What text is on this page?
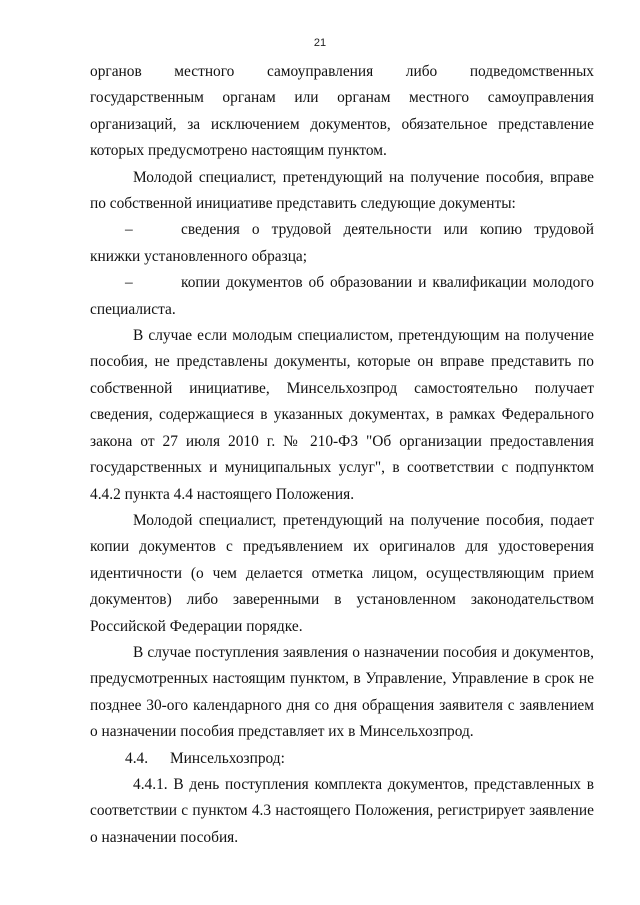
21

органов местного самоуправления либо подведомственных государственным органам или органам местного самоуправления организаций, за исключением документов, обязательное представление которых предусмотрено настоящим пунктом.

Молодой специалист, претендующий на получение пособия, вправе по собственной инициативе представить следующие документы:

–	сведения о трудовой деятельности или копию трудовой книжки установленного образца;

–	копии документов об образовании и квалификации молодого специалиста.

В случае если молодым специалистом, претендующим на получение пособия, не представлены документы, которые он вправе представить по собственной инициативе, Минсельхозпрод самостоятельно получает сведения, содержащиеся в указанных документах, в рамках Федерального закона от 27 июля 2010 г. № 210-ФЗ "Об организации предоставления государственных и муниципальных услуг", в соответствии с подпунктом 4.4.2 пункта 4.4 настоящего Положения.

Молодой специалист, претендующий на получение пособия, подает копии документов с предъявлением их оригиналов для удостоверения идентичности (о чем делается отметка лицом, осуществляющим прием документов) либо заверенными в установленном законодательством Российской Федерации порядке.

В случае поступления заявления о назначении пособия и документов, предусмотренных настоящим пунктом, в Управление, Управление в срок не позднее 30-ого календарного дня со дня обращения заявителя с заявлением о назначении пособия представляет их в Минсельхозпрод.

4.4. Минсельхозпрод:

4.4.1. В день поступления комплекта документов, представленных в соответствии с пунктом 4.3 настоящего Положения, регистрирует заявление о назначении пособия.
